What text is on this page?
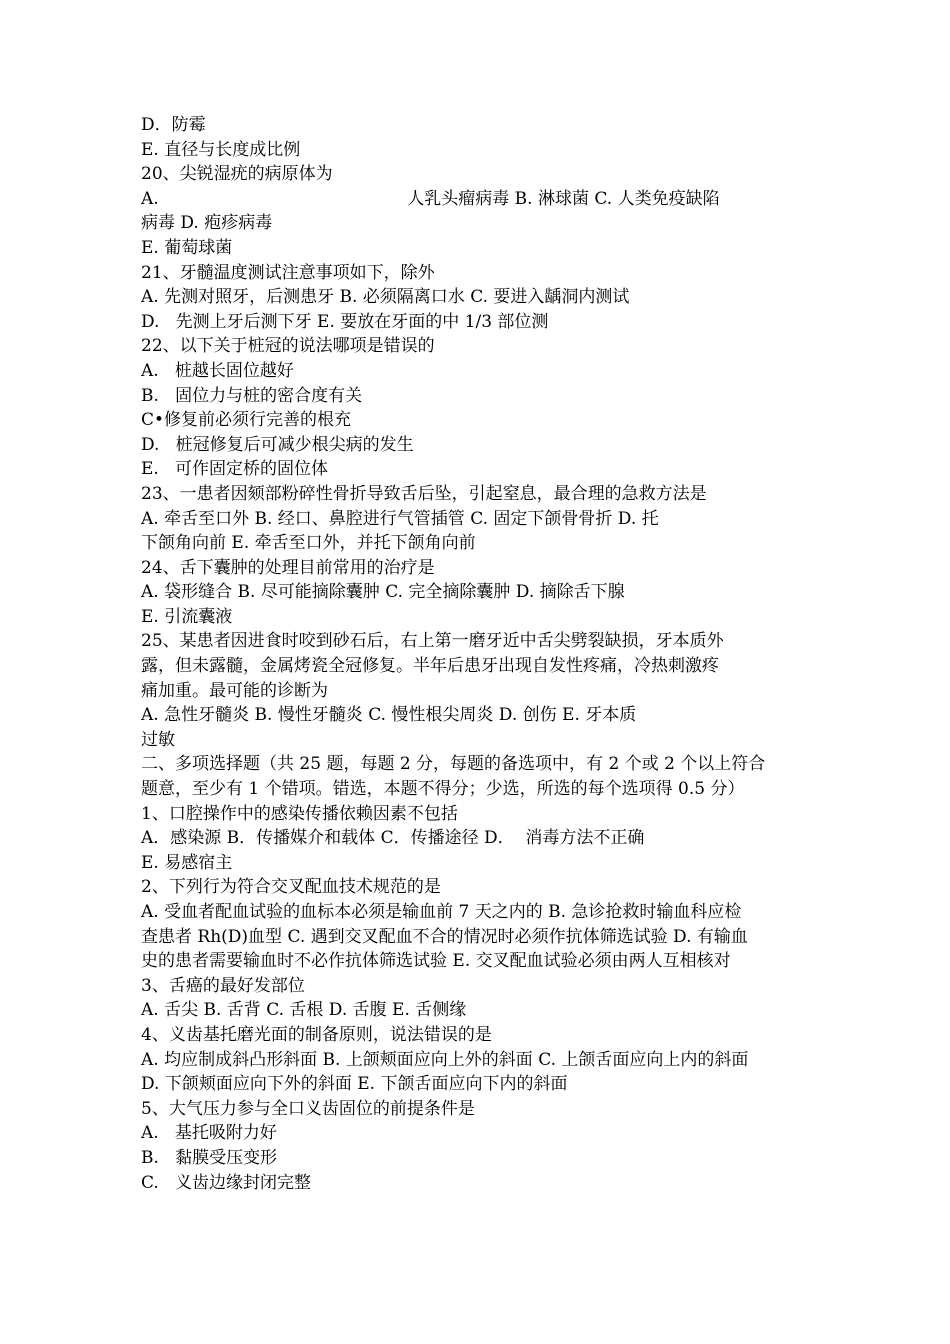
D．防霉
E. 直径与长度成比例
20、尖锐湿疣的病原体为
A.                                              人乳头瘤病毒 B. 淋球菌 C. 人类免疫缺陷
病毒 D. 疱疹病毒
E. 葡萄球菌
21、牙髓温度测试注意事项如下，除外
A. 先测对照牙，后测患牙 B. 必须隔离口水 C. 要进入龋洞内测试
D.   先测上牙后测下牙 E. 要放在牙面的中 1/3 部位测
22、以下关于桩冠的说法哪项是错误的
A.   桩越长固位越好
B.   固位力与桩的密合度有关
C•修复前必须行完善的根充
D.   桩冠修复后可减少根尖病的发生
E.   可作固定桥的固位体
23、一患者因颏部粉碎性骨折导致舌后坠，引起窒息，最合理的急救方法是
A. 牵舌至口外 B. 经口、鼻腔进行气管插管 C. 固定下颌骨骨折 D. 托
下颌角向前 E. 牵舌至口外，并托下颌角向前
24、舌下囊肿的处理目前常用的治疗是
A. 袋形缝合 B. 尽可能摘除囊肿 C. 完全摘除囊肿 D. 摘除舌下腺
E. 引流囊液
25、某患者因进食时咬到砂石后，右上第一磨牙近中舌尖劈裂缺损，牙本质外
露，但未露髓，金属烤瓷全冠修复。半年后患牙出现自发性疼痛，冷热刺激疼
痛加重。最可能的诊断为
A. 急性牙髓炎 B. 慢性牙髓炎 C. 慢性根尖周炎 D. 创伤 E. 牙本质
过敏
二、多项选择题（共 25 题，每题 2 分，每题的备选项中，有 2 个或 2 个以上符合
题意，至少有 1 个错项。错选，本题不得分；少选，所选的每个选项得 0.5 分）
1、口腔操作中的感染传播依赖因素不包括
A．感染源 B．传播媒介和载体 C．传播途径 D．  消毒方法不正确
E. 易感宿主
2、下列行为符合交叉配血技术规范的是
A. 受血者配血试验的血标本必须是输血前 7 天之内的 B. 急诊抢救时输血科应检
查患者 Rh(D)血型 C. 遇到交叉配血不合的情况时必须作抗体筛选试验 D. 有输血
史的患者需要输血时不必作抗体筛选试验 E. 交叉配血试验必须由两人互相核对
3、舌癌的最好发部位
A. 舌尖 B. 舌背 C. 舌根 D. 舌腹 E. 舌侧缘
4、义齿基托磨光面的制备原则，说法错误的是
A. 均应制成斜凸形斜面 B. 上颌颊面应向上外的斜面 C. 上颌舌面应向上内的斜面
D. 下颌颊面应向下外的斜面 E. 下颌舌面应向下内的斜面
5、大气压力参与全口义齿固位的前提条件是
A.   基托吸附力好
B.   黏膜受压变形
C.   义齿边缘封闭完整
